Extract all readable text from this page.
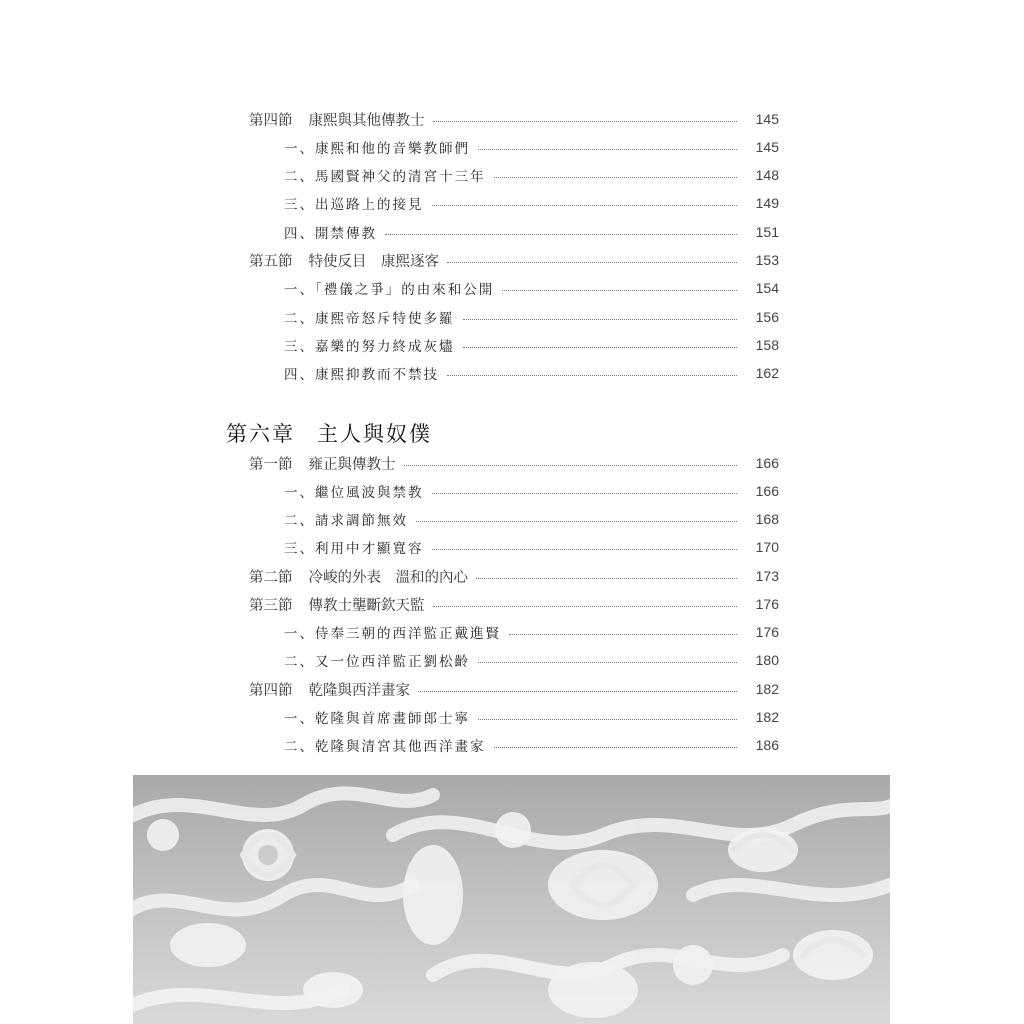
第四節 康熙與其他傳教士	145
一、康熙和他的音樂教師們	145
二、馬國賢神父的清宮十三年	148
三、出巡路上的接見	149
四、開禁傳教	151
第五節 特使反目　康熙逐客	153
一、「禮儀之爭」的由來和公開	154
二、康熙帝怒斥特使多羅	156
三、嘉樂的努力終成灰燼	158
四、康熙抑教而不禁技	162
第六章 主人與奴僕
第一節 雍正與傳教士	166
一、繼位風波與禁教	166
二、請求調節無效	168
三、利用中才顯寬容	170
第二節 冷峻的外表　溫和的內心	173
第三節 傳教士壟斷欽天監	176
一、侍奉三朝的西洋監正戴進賢	176
二、又一位西洋監正劉松齡	180
第四節 乾隆與西洋畫家	182
一、乾隆與首席畫師郎士寧	182
二、乾隆與清宮其他西洋畫家	186
